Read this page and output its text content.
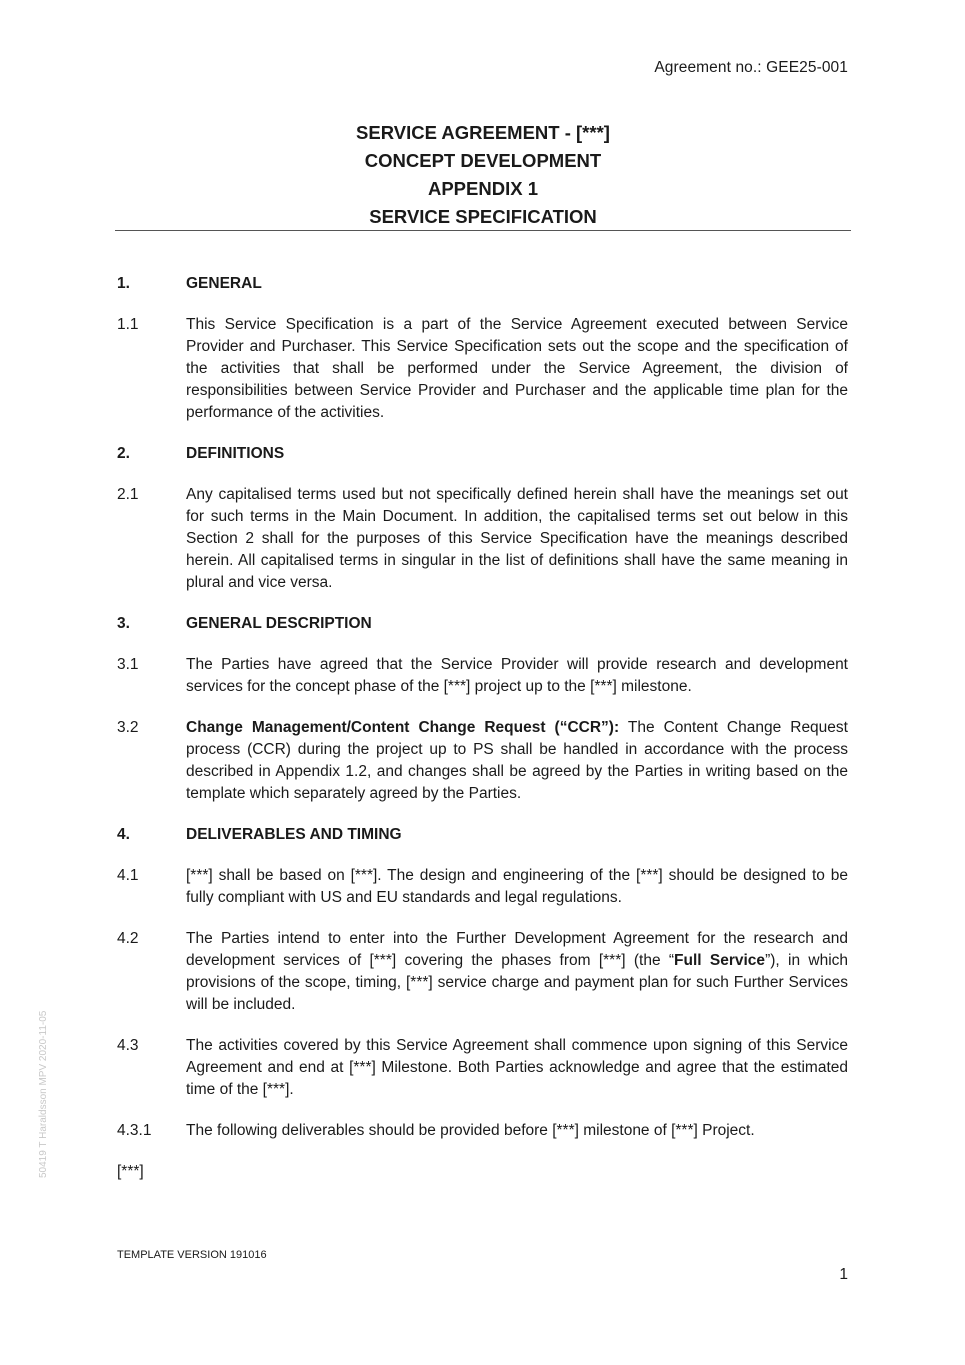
Agreement no.: GEE25-001
SERVICE AGREEMENT - [***]
CONCEPT DEVELOPMENT
APPENDIX 1
SERVICE SPECIFICATION
1.	GENERAL
1.1	This Service Specification is a part of the Service Agreement executed between Service Provider and Purchaser. This Service Specification sets out the scope and the specification of the activities that shall be performed under the Service Agreement, the division of responsibilities between Service Provider and Purchaser and the applicable time plan for the performance of the activities.
2.	DEFINITIONS
2.1	Any capitalised terms used but not specifically defined herein shall have the meanings set out for such terms in the Main Document. In addition, the capitalised terms set out below in this Section 2 shall for the purposes of this Service Specification have the meanings described herein. All capitalised terms in singular in the list of definitions shall have the same meaning in plural and vice versa.
3.	GENERAL DESCRIPTION
3.1	The Parties have agreed that the Service Provider will provide research and development services for the concept phase of the [***] project up to the [***] milestone.
3.2	Change Management/Content Change Request (“CCR”): The Content Change Request process (CCR) during the project up to PS shall be handled in accordance with the process described in Appendix 1.2, and changes shall be agreed by the Parties in writing based on the template which separately agreed by the Parties.
4.	DELIVERABLES AND TIMING
4.1	[***] shall be based on [***]. The design and engineering of the [***] should be designed to be fully compliant with US and EU standards and legal regulations.
4.2	The Parties intend to enter into the Further Development Agreement for the research and development services of [***] covering the phases from [***] (the “Full Service”), in which provisions of the scope, timing, [***] service charge and payment plan for such Further Services will be included.
4.3	The activities covered by this Service Agreement shall commence upon signing of this Service Agreement and end at [***] Milestone. Both Parties acknowledge and agree that the estimated time of the [***].
4.3.1	The following deliverables should be provided before [***] milestone of [***] Project.
[***]
50419 T Haraldsson MPV 2020-11-05
TEMPLATE VERSION 191016
1
